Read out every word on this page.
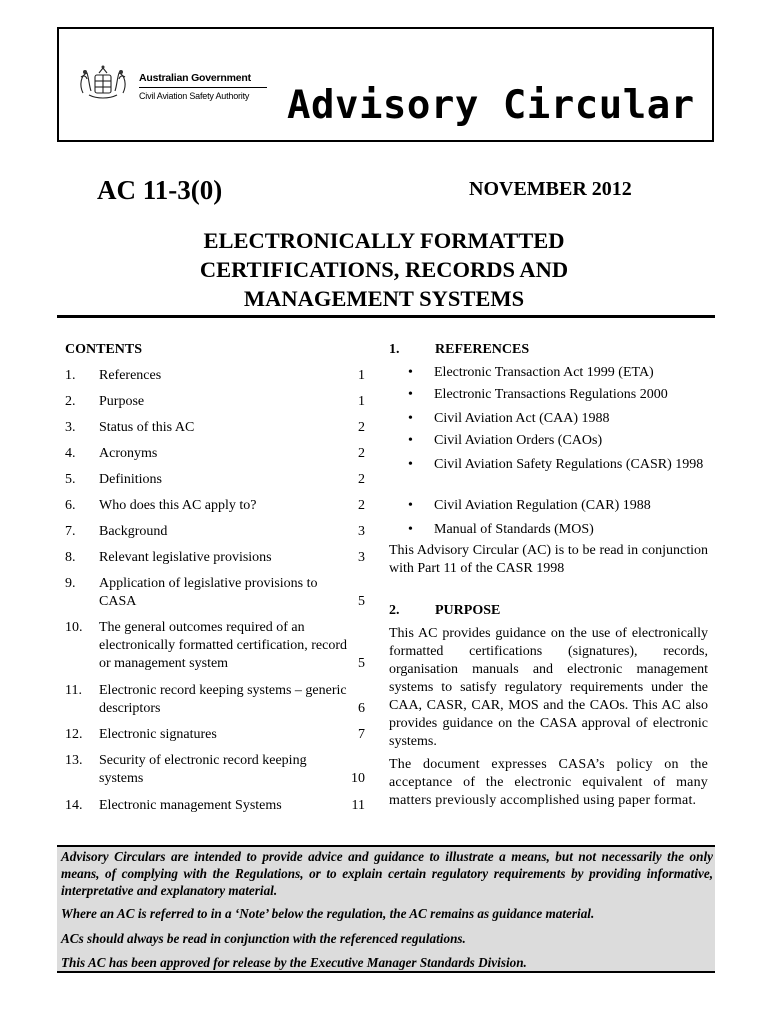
Australian Government
Civil Aviation Safety Authority Advisory Circular
AC 11-3(0)	NOVEMBER 2012
ELECTRONICALLY FORMATTED
CERTIFICATIONS, RECORDS AND
MANAGEMENT SYSTEMS
CONTENTS
1. References	1
2. Purpose	1
3. Status of this AC	2
4. Acronyms	2
5. Definitions	2
6. Who does this AC apply to?	2
7. Background	3
8. Relevant legislative provisions	3
9. Application of legislative provisions to CASA	5
10. The general outcomes required of an electronically formatted certification, record or management system	5
11. Electronic record keeping systems – generic descriptors	6
12. Electronic signatures	7
13. Security of electronic record keeping systems	10
14. Electronic management Systems	11
1.	REFERENCES
• Electronic Transaction Act 1999 (ETA)
• Electronic Transactions Regulations 2000
• Civil Aviation Act (CAA) 1988
• Civil Aviation Orders (CAOs)
• Civil Aviation Safety Regulations (CASR) 1998
• Civil Aviation Regulation (CAR) 1988
• Manual of Standards (MOS)
This Advisory Circular (AC) is to be read in conjunction with Part 11 of the CASR 1998
2.	PURPOSE
This AC provides guidance on the use of electronically formatted certifications (signatures), records, organisation manuals and electronic management systems to satisfy regulatory requirements under the CAA, CASR, CAR, MOS and the CAOs. This AC also provides guidance on the CASA approval of electronic systems.
The document expresses CASA’s policy on the acceptance of the electronic equivalent of many matters previously accomplished using paper format.
Advisory Circulars are intended to provide advice and guidance to illustrate a means, but not necessarily the only means, of complying with the Regulations, or to explain certain regulatory requirements by providing informative, interpretative and explanatory material.
Where an AC is referred to in a ‘Note’ below the regulation, the AC remains as guidance material.
ACs should always be read in conjunction with the referenced regulations.
This AC has been approved for release by the Executive Manager Standards Division.
